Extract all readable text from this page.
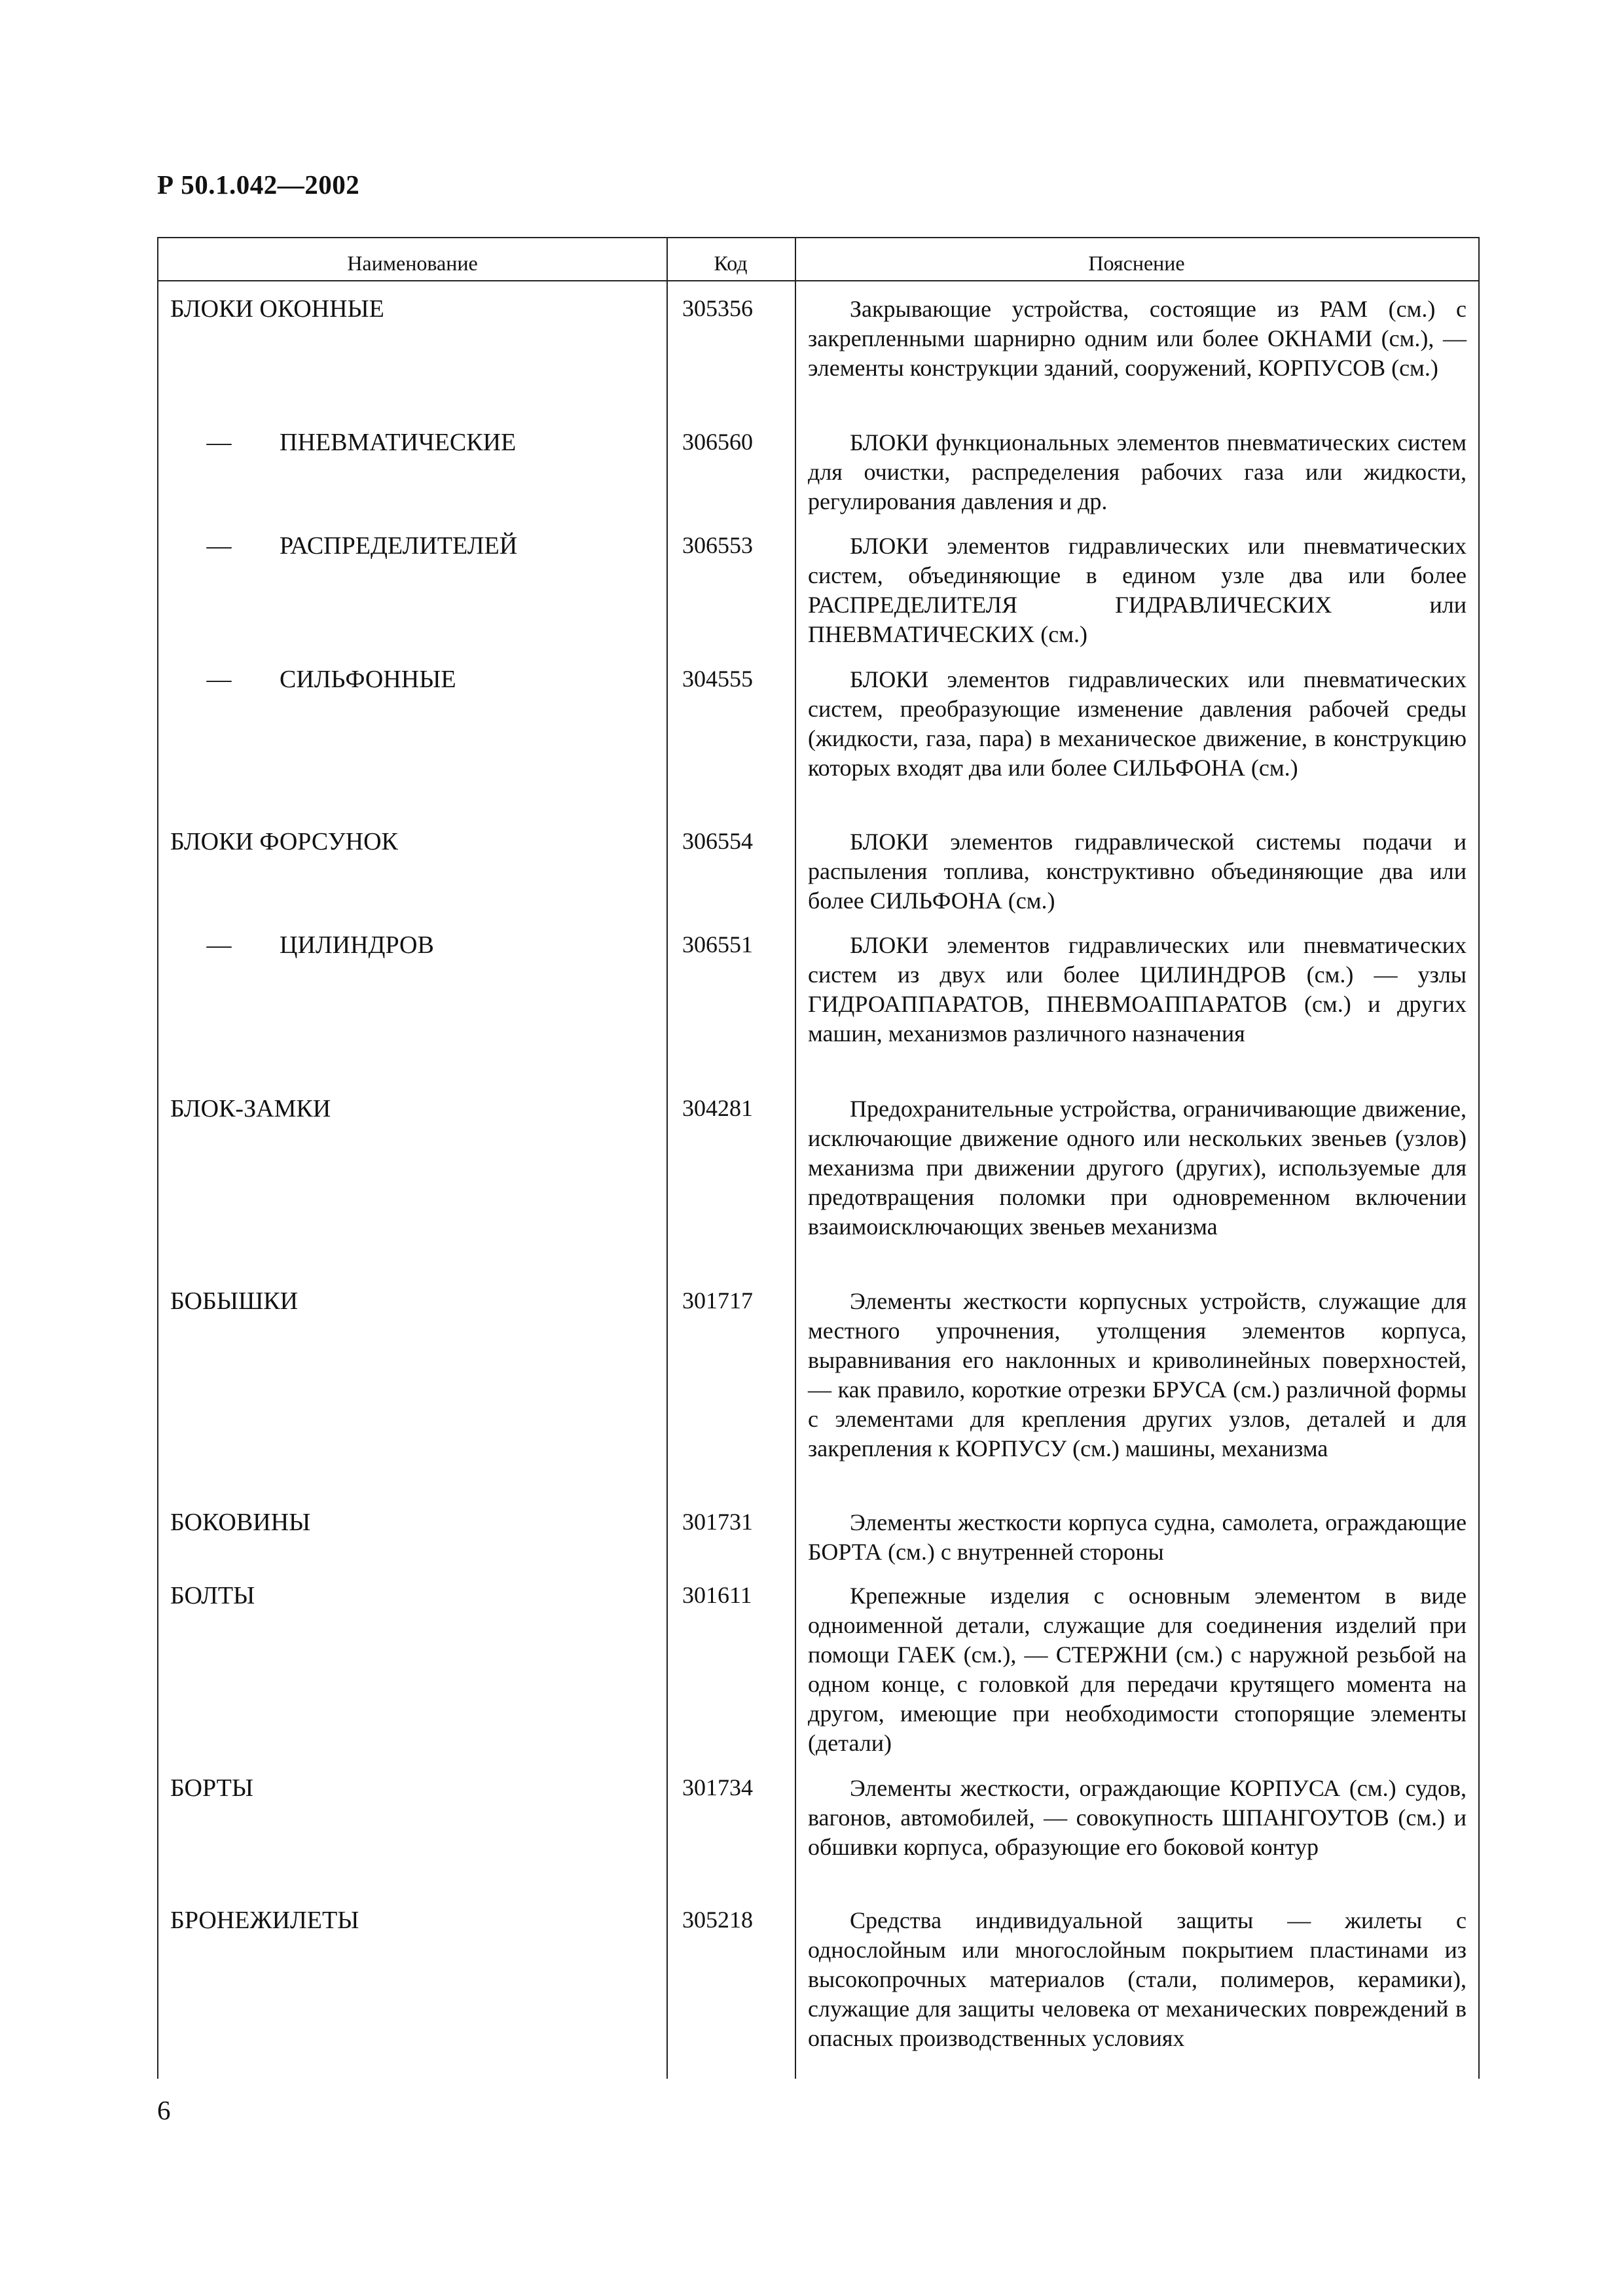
Р 50.1.042—2002
Наименование	Код	Пояснение
БЛОКИ ОКОННЫЕ	305356	Закрывающие устройства, состоящие из РАМ (см.) с закрепленными шарнирно одним или более ОКНАМИ (см.), — элементы конструкции зданий, сооружений, КОРПУСОВ (см.)
— ПНЕВМАТИЧЕСКИЕ	306560	БЛОКИ функциональных элементов пневматических систем для очистки, распределения рабочих газа или жидкости, регулирования давления и др.
— РАСПРЕДЕЛИТЕЛЕЙ	306553	БЛОКИ элементов гидравлических или пневматических систем, объединяющие в едином узле два или более РАСПРЕДЕЛИТЕЛЯ ГИДРАВЛИЧЕСКИХ или ПНЕВМАТИЧЕСКИХ (см.)
— СИЛЬФОННЫЕ	304555	БЛОКИ элементов гидравлических или пневматических систем, преобразующие изменение давления рабочей среды (жидкости, газа, пара) в механическое движение, в конструкцию которых входят два или более СИЛЬФОНА (см.)
БЛОКИ ФОРСУНОК	306554	БЛОКИ элементов гидравлической системы подачи и распыления топлива, конструктивно объединяющие два или более СИЛЬФОНА (см.)
— ЦИЛИНДРОВ	306551	БЛОКИ элементов гидравлических или пневматических систем из двух или более ЦИЛИНДРОВ (см.) — узлы ГИДРОАППАРАТОВ, ПНЕВМОАППАРАТОВ (см.) и других машин, механизмов различного назначения
БЛОК-ЗАМКИ	304281	Предохранительные устройства, ограничивающие движение, исключающие движение одного или нескольких звеньев (узлов) механизма при движении другого (других), используемые для предотвращения поломки при одновременном включении взаимоисключающих звеньев механизма
БОБЫШКИ	301717	Элементы жесткости корпусных устройств, служащие для местного упрочнения, утолщения элементов корпуса, выравнивания его наклонных и криволинейных поверхностей, — как правило, короткие отрезки БРУСА (см.) различной формы с элементами для крепления других узлов, деталей и для закрепления к КОРПУСУ (см.) машины, механизма
БОКОВИНЫ	301731	Элементы жесткости корпуса судна, самолета, ограждающие БОРТА (см.) с внутренней стороны
БОЛТЫ	301611	Крепежные изделия с основным элементом в виде одноименной детали, служащие для соединения изделий при помощи ГАЕК (см.), — СТЕРЖНИ (см.) с наружной резьбой на одном конце, с головкой для передачи крутящего момента на другом, имеющие при необходимости стопорящие элементы (детали)
БОРТЫ	301734	Элементы жесткости, ограждающие КОРПУСА (см.) судов, вагонов, автомобилей, — совокупность ШПАНГОУТОВ (см.) и обшивки корпуса, образующие его боковой контур
БРОНЕЖИЛЕТЫ	305218	Средства индивидуальной защиты — жилеты с однослойным или многослойным покрытием пластинами из высокопрочных материалов (стали, полимеров, керамики), служащие для защиты человека от механических повреждений в опасных производственных условиях
6
